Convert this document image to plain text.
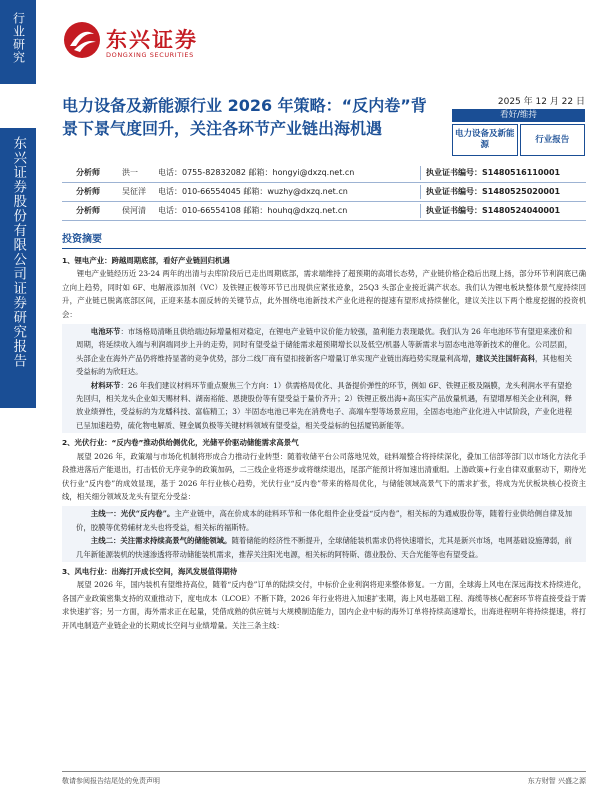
行业研究
东兴证券股份有限公司证券研究报告
东兴证券
DONGXING SECURITIES
电力设备及新能源行业 2026 年策略：“反内卷”背景下景气度回升，关注各环节产业链出海机遇
2025 年 12 月 22 日
看好/维持
电力设备及新能源
行业报告
分析师	洪一	电话：0755-82832082 邮箱：hongyi@dxzq.net.cn	执业证书编号：S1480516110001
分析师	吴征洋 电话：010-66554045 邮箱：wuzhy@dxzq.net.cn	执业证书编号：S1480525020001
分析师	侯河清 电话：010-66554108 邮箱：houhq@dxzq.net.cn	执业证书编号：S1480524040001
投资摘要

1、锂电产业：跨越周期底部，看好产业链回归机遇

锂电产业链经历近 23-24 两年的出清与去库阶段后已走出周期底部，需求端维持了超预期的高增长态势，产业链价格企稳后出现上扬，部分环节利润底已确立向上趋势，同时如 6F、电解液添加剂（VC）及铁锂正极等环节已出现供应紧张迹象，25Q3 头部企业接近满产状态。我们认为锂电板块整体景气度持续回升，产业链已脱离底部区间，正迎来基本面反转的关键节点，此外围绕电池新技术产业化进程的提速有望形成持续催化，建议关注以下两个维度挖掘的投资机会：

电池环节：市场格局清晰且供给端边际增量相对稳定，在锂电产业链中议价能力较强，盈利能力表现最优。我们认为 26 年电池环节有望迎来涨价和周期，将延续收入端与利润端同步上升的走势，同时有望受益于储能需求超预期增长以及低空/机器人等新需求与固态电池等新技术的催化。公司层面，头部企业在海外产品仍将维持显著的竞争优势，部分二线厂商有望扣接新客户增量订单实现产业链出海趋势实现量利高增，建议关注国轩高科，其他相关受益标的为欣旺达。

材料环节：26 年我们建议材料环节重点聚焦三个方向：1）供需格局优化、具备提价弹性的环节，例如 6F、铁锂正极及隔膜，龙头利润水平有望抢先回归，相关龙头企业如天赐材料、湖南裕能、恩捷股份等有望受益于量价齐升；2）铁锂正极出海+高压实产品放量机遇，有望增厚相关企业利润，释放业绩弹性，受益标的为龙蟠科技、富临精工；3）半固态电池已率先在消费电子、高端车型等场景应用，全固态电池产业化进入中试阶段，产业化进程已呈加速趋势，硫化物电解质、锂金属负极等关键材料领域有望受益，相关受益标的包括厦钨新能等。

2、光伏行业：“反内卷”推动供给侧优化，光储平价驱动储能需求高景气

展望 2026 年，政策端与市场化机制将形成合力推动行业转型：随着收储平台公司落地见效，硅料端整合将持续深化，叠加工信部等部门以市场化方法化手段推进落后产能退出，打击低价无序竞争的政策加码，二三线企业将逐步或将继续退出，尾部产能预计将加速出清重组。上游政策+行业自律双重驱动下，期待光伏行业“反内卷”的成效显现，基于 2026 年行业核心趋势，光伏行业“反内卷”带来的格局优化，与储能领域高景气下的需求扩张，将成为光伏板块核心投资主线，相关细分领域及龙头有望充分受益：

主线一：光伏“反内卷”。主产业链中，高在价成本的硅料环节和一体化组件企业受益“反内卷”，相关标的为通威股份等，随着行业供给侧自律及加价，胶膜等优势辅材龙头也将受益，相关标的福斯特。

主线二：关注需求持续高景气的储能领域。随着储能的经济性不断提升，全球储能装机需求仍将快速增长，尤其是新兴市场，电网基础设施薄弱，前几年新能源装机的快速渗透将带动储能装机需求，推荐关注阳光电源，相关标的阿特斯、德业股份、天合光能等也有望受益。

3、风电行业：出海打开成长空间，海风发展值得期待

展望 2026 年，国内装机有望维持高位，随着“反内卷”订单的陆续交付，中标价企业利润将迎来整体修复。一方面，全球海上风电在深远海技术持续进化，各国产业政策密集支持的双重推动下，度电成本（LCOE）不断下降，2026 年行业将进入加速扩张期，海上风电基础工程、海缆等核心配套环节将直接受益于需求快速扩容；另一方面，海外需求正在起量，凭借成熟的供应链与大规模制造能力，国内企业中标的海外订单将持续高速增长，出海进程明年将持续提速，将打开风电制造产业链企业的长期成长空间与业绩增量。关注三条主线：

敬请参阅报告结尾处的免责声明	东方财智 兴盛之源
